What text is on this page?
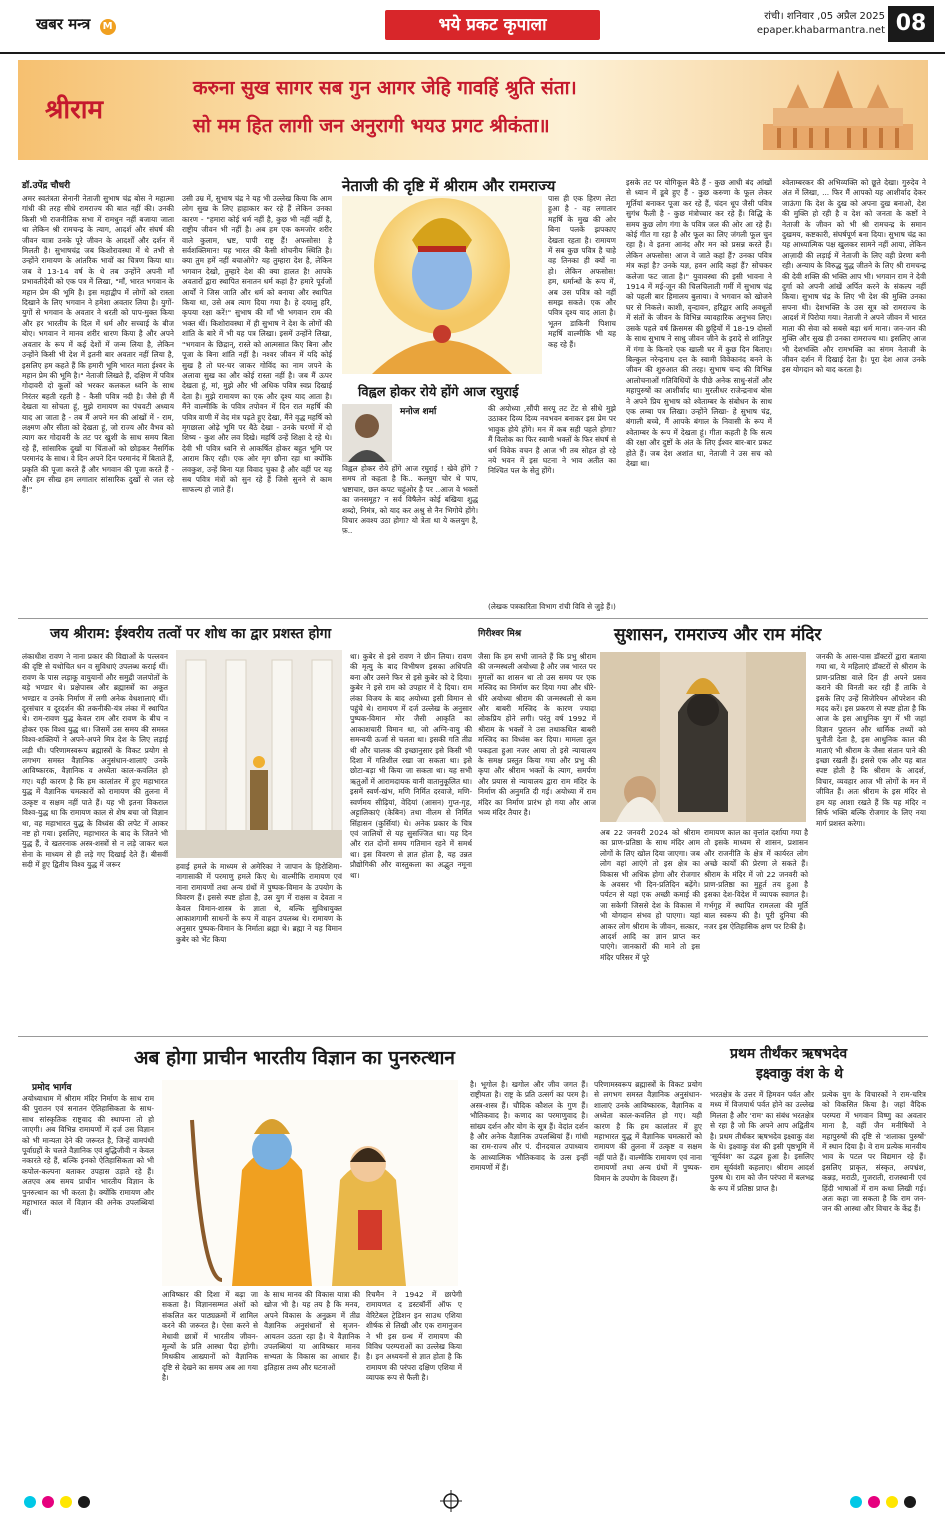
खबर मन्त्र M	भये प्रकट कृपाला	रांची। शनिवार ,05 अप्रैल 2025
epaper.khabarmantra.net 08
श्रीराम
करुना सुख सागर सब गुन आगर जेहि गावहिं श्रुति संता।
सो मम हित लागी जन अनुरागी भयउ प्रगट श्रीकंता॥
डॉ.उपेंद्र चौधरी	नेताजी की दृष्टि में श्रीराम और रामराज्य
अमर स्वतंत्रता सेनानी नेताजी सुभाष चंद्र बोस ने महात्मा गांधी की तरह सीधे रामराज्य की बात नहीं की। उनकी किसी भी राजनीतिक सभा में रामधुन नहीं बजाया जाता था लेकिन श्री रामचन्द्र के त्याग, आदर्श और संघर्ष की जीवन यात्रा उनके पूरे जीवन के आदर्शों और दर्शन में मिलती है। सुभाषचंद्र जब किशोरावस्था में थे तभी से उन्होंने रामायण के आंतरिक भावों का चित्रण किया था। जब वे 13-14 वर्ष के थे तब उन्होंने अपनी माँ प्रभावतीदेवी को एक पत्र में लिखा, "माँ, भारत भगवान के महान प्रेम की भूमि है। इस महाद्वीप में लोगों को रास्ता दिखाने के लिए भगवान ने हमेशा अवतार लिया है। युगों-युगों से भगवान के अवतार ने धरती को पाप-मुक्त किया और हर भारतीय के दिल में धर्म और सच्चाई के बीज बोए। भगवान ने मानव शरीर धारण किया है और अपने अवतार के रूप में कई देशों में जन्म लिया है, लेकिन उन्होंने किसी भी देश में इतनी बार अवतार नहीं लिया है, इसलिए हम कहते हैं कि हमारी भूमि भारत माता ईश्वर के महान प्रेम की भूमि है।" नेताजी लिखते हैं, दक्षिण में पवित्र गोदावरी दो कूलों को भरकर कलकल ध्वनि के साथ निरंतर बहती रहती है - कैसी पवित्र नदी है। जैसे ही मैं देखता या सोचता हूं, मुझे रामायण का पंचवटी अध्याय याद आ जाता है - तब मैं अपने मन की आंखों में - राम, लक्ष्मण और सीता को देखता हूं, जो राज्य और वैभव को त्याग कर गोदावरी के तट पर खुशी के साथ समय बिता रहे हैं, सांसारिक दुखों या चिंताओं को छोड़कर नैसर्गिक परमानंद के साथ। वे दिन अपने दिन परमानंद में बिताते हैं, प्रकृति की पूजा करते हैं और भगवान की पूजा करते हैं - और हम सीख हम लगातार सांसारिक दुखों से जल रहे हैं!"
उसी उम्र में, सुभाष चंद्र ने यह भी उल्लेख किया कि आम लोग सुख के लिए हाहाकार कर रहे हैं लेकिन उनका कारण - "हमारा कोई धर्म नहीं है, कुछ भी नहीं नहीं है, राष्ट्रीय जीवन भी नहीं है। अब हम एक कमजोर शरीर वाले कुलाम, भ्रष्ट, पापी राष्ट्र हैं! अफसोस! हे सर्वशक्तिमान! यह भारत की कैसी शोचनीय स्थिति है। क्या तुम हमें नहीं बचाओगे? यह तुम्हारा देश है, लेकिन भगवान देखो, तुम्हारे देश की क्या हालत है! आपके अवतारों द्वारा स्थापित सनातन धर्म कहां है? हमारे पूर्वजों आर्यों ने जिस जाति और धर्म को बनाया और स्थापित किया था, उसे अब त्याग दिया गया है। हे दयालु हरि, कृपया रक्षा करें!" सुभाष की माँ भी भगवान राम की भक्त थीं। किशोरावस्था में ही सुभाष ने देश के लोगों की शांति के बारे में भी यह पत्र लिखा। इसमें उन्होंने लिखा, "भगवान के छिद्रान्, रास्ते को आत्मसात किए बिना और पूजा के बिना शांति नहीं है। नश्वर जीवन में यदि कोई सुख है तो घर-घर जाकर गोविंद का नाम जपने के अलावा सुख का और कोई रास्ता नहीं है। जब मैं ऊपर देखता हूं, मां, मुझे और भी अधिक पवित्र स्वप्न दिखाई देता है। मुझे रामायण का एक और दृश्य याद आता है। मैंने वाल्मीकि के पवित्र तपोवन में दिन रात महर्षि की पवित्र वाणी में वेद मंत्र पढ़ते हुए देखा, मैंने वृद्ध महर्षि को मृगछाला ओढ़े भूमि पर बैठे देखा - उनके चरणों में दो शिष्य - कुश और लव दिखे। महर्षि उन्हें शिक्षा दे रहे थे। देवी भी पवित्र ध्वनि से आकर्षित होकर बहुत भूमि पर आराम किए रही। एक ओर मृग छौना रहा था क्योंकि लवकुश, उन्हें बिना यज्ञ विवाद चुका है और वहीं पर यह सब पवित्र मंत्रों को सुन रहे हैं जिसे सुनने से काम साफल्य हो जाते हैं।
पास ही एक हिरण लेटा हुआ है - वह लगातार महर्षि के मुख की ओर बिना पलकें झपकाए देखता रहता है। रामायण में सब कुछ पवित्र है चाहे वह तिनका ही क्यों ना हो। लेकिन अफसोस! हम, धर्मान्धों के रूप में, अब उस पवित्र को नहीं समझ सकते। एक और पवित्र दृश्य याद आता है। भूतन डाकिनी पिशाच महर्षि वाल्मीकि भी यह कह रहे हैं।
इसके तट पर योगिकूल बैठे हैं - कुछ आधी बंद आंखों से ध्यान में डूबे हुए हैं - कुछ करुणा के फूल लेकर मूर्तियां बनाकर पूजा कर रहे हैं, चंदन धूप जैसी पवित्र सुगंध फैली है - कुछ मंत्रोच्चार कर रहे हैं। विद्धि के समय कुछ लोग गंगा के पवित्र जल की ओर आ रहे हैं। कोई गीत गा रहा है और फूल का लिए जंगली फूल चुन रहा है। वे इतना आनंद और मन को प्रसन्न करते हैं। लेकिन अफसोस! आज वे जाते कहां हैं? उनका पवित्र मंत्र कहां है? उनके यज्ञ, हवन आदि कहां हैं? सोचकर कलेजा फट जाता है।" युवावस्था की इसी भावना ने 1914 में मई-जून की चिलचिलाती गर्मी में सुभाष चंद्र को पहली बार हिमालय बुलाया। वे भगवान को खोजने घर से निकले। काशी, वृन्दावन, हरिद्वार आदि अवधूतों में संतों के जीवन के विभिन्न व्यावहारिक अनुभव लिए। उसके पहले वर्ष क्रिसमस की छुट्टियों में 18-19 दोस्तों के साथ सुभाष ने साधु जीवन जीने के इरादे से शांतिपुर में गंगा के किनारे एक खाली घर में कुछ दिन बिताए। बिल्कुल नरेन्द्रनाथ दत्त के स्वामी विवेकानंद बनने के जीवन की शुरुआत की तरह। सुभाष चन्द की विभिन्न आलोचनाओं गतिविधियों के पीछे अनेक साधु-संतों और महापुरुषों का आशीर्वाद था। मुरलीधर राजेन्द्रनाथ बोस ने अपने प्रिय सुभाष को श्वेताम्बर के संबोधन के साथ एक लम्बा पत्र लिखा। उन्होंने लिखा- हे सुभाष चंद्र, बंगाली बच्चे, मैं आपके बंगाल के निवासी के रूप में श्वेताम्बर के रूप में देखता हूं। गीता कहती है कि सत्य की रक्षा और दुष्टों के अंत के लिए ईश्वर बार-बार प्रकट होते हैं। जब देश अशांत था, नेताजी ने उस सच को देखा था।
श्वेताम्बरकर की अभिव्यक्ति को छूते देखा। गुरुदेव ने अंत में लिखा, ... फिर मैं आपको यह आशीर्वाद देकर जाऊंगा कि देश के दुख को अपना दुख बनाओ, देश की मुक्ति हो रही है व देश को जनता के कष्टों ने नेताजी के जीवन को भी श्री रामचन्द्र के समान दुखमय, कष्टकारी, संघर्षपूर्ण बना दिया। सुभाष चंद्र का यह आध्यात्मिक पक्ष खुलकर सामने नहीं आया, लेकिन आज़ादी की लड़ाई में नेताजी के लिए वही प्रेरणा बनी रही। अन्याय के विरुद्ध युद्ध जीतने के लिए श्री रामचन्द्र की देवी शक्ति की भक्ति आप भी। भगवान राम ने देवी दुर्गा को अपनी आंखें अर्पित करने के संकल्प नहीं किया। सुभाष चंद्र के लिए भी देश की मुक्ति उनका सपना थी। देशभक्ति के उस सूत्र को रामराज्य के आदर्श में पिरोया गया। नेताजी ने अपने जीवन में भारत माता की सेवा को सबसे बड़ा धर्म माना। जन-जन की मुक्ति और सुख ही उनका रामराज्य था। इसलिए आज भी देशभक्ति और रामभक्ति का संगम नेताजी के जीवन दर्शन में दिखाई देता है। पूरा देश आज उनके इस योगदान को याद करता है।
विह्वल होकर रोये होंगे आज रघुराई
मनोज शर्मा
विह्वल होकर रोये होंगे आज रघुराई ! खेवे होंगे ? समय तो कहता है कि.. कलयुग चोर थे पाप, भ्रष्टाचार, छल कपट चहुंओर है पर ..आज वे भक्तों का जनसमूह? न सर्व विषैलेन कोई बखिया शुद्ध शब्दो, निमंत्र, को याद कर अश्रु से नैन भिगोये होंगे। विचार अवश्य उठा होगा? यो त्रेता था ये कलयुग है, फ़..
की अयोध्या ,सौंपी सरयू तट टेंट से सीधे मुझे उठाकर दिव्य दिव्य नवभवन बनाकर इस प्रेम पर भावुक होये होंगे। मन में कब सही पहले होगा? मैं विलोक का फिर स्वामी भक्तों के फिर संघर्ष से धर्म विवेक वचन है आज भी तब सोहत हो रहे नये भवन में इस घटना ने भाव अतीत का निश्चित पल के सेतु होंगे।
(लेखक पत्रकारिता विभाग रांची विवि से जुड़े हैं।)
जय श्रीराम: ईश्वरीय तत्वों पर शोध का द्वार प्रशस्त होगा
लंकाधीश रावण ने नाना प्रकार की विद्याओं के पल्लवन की दृष्टि से यथोचित धन व सुविधाएं उपलब्ध कराई थीं। रावण के पास लड़ाकू वायुयानों और समुद्री जलपोतों के बड़े भण्डार थे। प्रक्षेपास्त्र और ब्रह्मास्त्रों का अकूत भण्डार व उनके निर्माण में लगी अनेक वेधशालाएं थीं। दूरसंचार व दूरदर्शन की तकनीकी-यंत्र लंका में स्थापित थे। राम-रावण युद्ध केवल राम और रावण के बीच न होकर एक विश्व युद्ध था। जिसमें उस समय की समस्त विश्व-शक्तियों ने अपने-अपने मित्र देश के लिए लड़ाई लड़ी थी। परिणामस्वरूप ब्रह्मास्त्रों के विकट प्रयोग से लगभग समस्त वैज्ञानिक अनुसंधान-शालाएं उनके आविष्कारक, वैज्ञानिक व अध्येता काल-कवलित हो गए। यही कारण है कि हम कालांतर में हुए महाभारत युद्ध में वैज्ञानिक चमत्कारों को रामायण की तुलना में उत्कृष्ट व सक्षम नहीं पाते हैं। यह भी इतना विकराल विश्व-युद्ध था कि रामायण काल से शेष बचा जो विज्ञान था, वह महाभारत युद्ध के विध्वंस की लपेट में आकर नष्ट हो गया। इसलिए, महाभारत के बाद के जितने भी युद्ध हैं, वे खतरनाक अस्त्र-शस्त्रों से न लड़े जाकर थल सेना के माध्यम से ही लड़े गए दिखाई देते हैं। बीसवीं सदी में हुए द्वितीय विश्व युद्ध में जरूर	हवाई हमले के माध्यम से अमेरिका ने जापान के हिरोशिमा-नागासाकी में परमाणु हमले किए थे। वाल्मीकि रामायण एवं नाना रामायणों तथा अन्य ग्रंथों में पुष्पक-विमान के उपयोग के विवरण हैं। इससे स्पष्ट होता है, उस युग में राक्षस व देवता न केवल विमान-शास्त्र के ज्ञाता थे, बल्कि सुविधायुक्त आकाशगामी साधनों के रूप में वाहन उपलब्ध थे। रामायण के अनुसार पुष्पक-विमान के निर्माता ब्रह्मा थे। ब्रह्मा ने यह विमान कुबेर को भेंट किया
था। कुबेर से इसे रावण ने छीन लिया। रावण की मृत्यु के बाद विभीषण इसका अधिपति बना और उसने फिर से इसे कुबेर को दे दिया। कुबेर ने इसे राम को उपहार में दे दिया। राम लंका विजय के बाद अयोध्या इसी विमान से पहुंचे थे। रामायण में दर्ज उल्लेख के अनुसार पुष्पक-विमान मोर जैसी आकृति का आकाशचारी विमान था, जो अग्नि-वायु की समन्वयी ऊर्जा से चलता था। इसकी गति तीव्र थी और चालक की इच्छानुसार इसे किसी भी दिशा में गतिशील रखा जा सकता था। इसे छोटा-बड़ा भी किया जा सकता था। यह सभी ऋतुओं में आरामदायक यानी वातानुकूलित था। इसमें स्वर्ण-खंभ, मणि निर्मित दरवाजे, मणि-स्वर्णमय सीढ़ियां, वेदियां (आसन) गुप्त-गृह, अट्टालिकाएं (केबिन) तथा नीलम से निर्मित सिंहासन (कुर्सियां) थे। अनेक प्रकार के चित्र एवं जालियों से यह सुसज्जित था। यह दिन और रात दोनों समय गतिमान रहने में समर्थ था। इस विवरण से ज्ञात होता है, यह उन्नत प्रौद्योगिकी और वास्तुकला का अद्भुत नमूना था।
गिरीश्वर मिश्र	सुशासन, रामराज्य और राम मंदिर
जैसा कि हम सभी जानते हैं कि प्रभु श्रीराम की जन्मस्थली अयोध्या है और जब भारत पर मुगलों का शासन था तो उस समय पर एक मस्जिद का निर्माण कर दिया गया और धीरे-धीरे अयोध्या श्रीराम की जन्मस्थली से कम और बाबरी मस्जिद के कारण ज्यादा लोकप्रिय होने लगी। परंतु वर्ष 1992 में श्रीराम के भक्तों ने उस तथाकथित बाबरी मस्जिद का विध्वंस कर दिया। मामला तूल पकड़ता हुआ नजर आया तो इसे न्यायालय के समक्ष प्रस्तुत किया गया और प्रभु की कृपा और श्रीराम भक्तों के त्याग, समर्पण और प्रयास से न्यायालय द्वारा राम मंदिर के निर्माण की अनुमति दी गई। अयोध्या में राम मंदिर का निर्माण प्रारंभ हो गया और आज भव्य मंदिर तैयार है।
अब 22 जनवरी 2024 को श्रीराम का प्राण-प्रतिष्ठा के साथ मंदिर आम लोगों के लिए खोल दिया जाएगा। जब लोग वहां आएंगे तो इस क्षेत्र का विकास भी अधिक होगा और रोजगार के अवसर भी दिन-प्रतिदिन बढ़ेंगे। पर्यटन से यहां एक अच्छी कमाई की जा सकेगी जिससे देश के विकास में भी योगदान संभव हो पाएगा। यहां आकर लोग श्रीराम के जीवन, सत्कार, आदर्श आदि का ज्ञान प्राप्त कर पाएंगे। जानकारों की माने तो इस मंदिर परिसर में पूरे
रामायण काल का वृत्तांत दर्शाया गया है तो इसके माध्यम से शासन, प्रशासन और राजनीति के क्षेत्र में कार्यरत लोग अच्छे कार्यों की प्रेरणा ले सकते हैं। श्रीराम के मंदिर में जो 22 जनवरी को प्राण-प्रतिष्ठा का मुहूर्त तय हुआ है इसका देश-विदेश में व्यापक स्वागत है। गर्भगृह में स्थापित रामलला की मूर्ति बाल स्वरूप की है। पूरी दुनिया की नजर इस ऐतिहासिक क्षण पर टिकी है।
जनकी के आस-पास डॉक्टरों द्वारा बताया गया था, ये महिलाएं डॉक्टरों से श्रीराम के प्राण-प्रतिष्ठा वाले दिन ही अपने प्रसव कराने की विनती कर रही हैं ताकि वे इसके लिए उन्हें सिजेरियन ऑपरेशन की मदद करें। इस प्रकरण से स्पष्ट होता है कि आज के इस आधुनिक युग में भी जहां विज्ञान पुरातन और धार्मिक तथ्यों को चुनौती देता है, इस आधुनिक काल की माताएं भी श्रीराम के जैसा संतान पाने की इच्छा रखती हैं। इससे एक और यह बात स्पष्ट होती है कि श्रीराम के आदर्श, विचार, व्यवहार आज भी लोगों के मन में जीवित हैं। अतः श्रीराम के इस मंदिर से हम यह आशा रखते हैं कि यह मंदिर न सिर्फ भक्ति बल्कि रोजगार के लिए नया मार्ग प्रशस्त करेगा।
अब होगा प्राचीन भारतीय विज्ञान का पुनरुत्थान
प्रमोद भार्गव
अयोध्याधाम में श्रीराम मंदिर निर्माण के साथ राम की पुरातन एवं सनातन ऐतिहासिकता के साथ-साथ सांस्कृतिक राष्ट्रवाद की स्थापना तो हो जाएगी। अब विभिन्न रामायणों में दर्ज उस विज्ञान को भी मान्यता देने की जरूरत है, जिन्हें वामपंथी पूर्वाग्रहों के चलते वैज्ञानिक एवं बुद्धिजीवी न केवल नकारते रहे हैं, बल्कि इनको ऐतिहासिकता को भी कपोल-कल्पना बताकर उपहास उड़ाते रहे हैं। अतएव अब समय प्राचीन भारतीय विज्ञान के पुनरुत्थान का भी करता है। क्योंकि रामायण और महाभारत काल में विज्ञान की अनेक उपलब्धियां थीं।
आविष्कार की दिशा में बढ़ा जा सकता है। विज्ञानसम्मत अंशों को संकलित कर पाठ्यक्रमों में शामिल करने की जरूरत है। ऐसा करने से मेधावी छात्रों में भारतीय जीवन-मूल्यों के प्रति आस्था पैदा होगी। मिथकीय आख्यानों को वैज्ञानिक दृष्टि से देखने का समय अब आ गया है।
के साथ मानव की विकास यात्रा की खोज भी है। यह तय है कि मनव, अपने विकास के अनुक्रम में तीव्र वैज्ञानिक अनुसंधानों से सृजन-आयतन उठता रहा है। ये वैज्ञानिक उपलब्धियां या आविष्कार मानव सभ्यता के विकास का आधार हैं। इतिहास तथ्य और घटनाओं
रिचमैन ने 1942 में छापेगी रामायणत द डस्टबॉर्नी ऑफ ए वेरिटेबल ट्रेडिशन इन साउथ एशिया शीर्षक से लिखी और एक रामानुजन ने भी इस ग्रन्थ में रामायण की विविध परम्पराओं का उल्लेख किया है। इन अध्ययनों से ज्ञात होता है कि रामायण की परंपरा दक्षिण एशिया में व्यापक रूप से फैली है।
है। भूगोल है। खगोल और जीव जगत हैं। राष्ट्रीयता है। राष्ट्र के प्रति उत्सर्ग का परम है। अस्त्र-शस्त्र हैं। चौदिक कौशल के गुण हैं। भौतिकवाद है। कणाद का परमाणुवाद है। सांख्य दर्शन और योग के सूत्र हैं। वेदांत दर्शन है और अनेक वैज्ञानिक उपलब्धियां हैं। गांधी का राम-राज्य और पं. दीनदयाल उपाध्याय के आध्यात्मिक भौतिकवाद के उत्स इन्हीं रामायणों में हैं।
परिणामस्वरूप ब्रह्मास्त्रों के विकट प्रयोग से लगभग समस्त वैज्ञानिक अनुसंधान-शालाएं उनके आविष्कारक, वैज्ञानिक व अध्येता काल-कवलित हो गए। यही कारण है कि हम कालांतर में हुए महाभारत युद्ध में वैज्ञानिक चमत्कारों को रामायण की तुलना में उत्कृष्ट व सक्षम नहीं पाते हैं। वाल्मीकि रामायण एवं नाना रामायणों तथा अन्य ग्रंथों में पुष्पक-विमान के उपयोग के विवरण हैं।
प्रथम तीर्थंकर ऋषभदेव
इक्ष्वाकु वंश के थे
भरतक्षेत्र के उत्तर में हिमवन पर्वत और मध्य में विजयार्थ पर्वत होने का उल्लेख मिलता है और 'राम' का संबंध भरतक्षेत्र से रहा है जो कि अपने आप अद्वितीय है। प्रथम तीर्थंकर ऋषभदेव इक्ष्वाकु वंश के थे। इक्ष्वाकु वंश की इसी पृष्ठभूमि में 'सूर्यवंश' का उद्भव हुआ है। इसलिए राम सूर्यवंशी कहलाए। श्रीराम आदर्श पुरुष थे। राम को जैन परंपरा में बलभद्र के रूप में प्रतिष्ठा प्राप्त है।
प्रत्येक युग के विचारकों ने राम-चरित्र को विकसित किया है। जहां वैदिक परम्परा में भगवान विष्णु का अवतार माना है, वहीं जैन मनीषियों ने महापुरुषों की दृष्टि से 'शलाका पुरुषों' में स्थान दिया है। वे राम प्रत्येक मानवीय भाव के पटल पर विद्यमान रहे हैं। इसलिए प्राकृत, संस्कृत, अपभ्रंश, कन्नड़, मराठी, गुजराती, राजस्थानी एवं हिंदी भाषाओं में राम कथा लिखी गई। अतः कहा जा सकता है कि राम जन-जन की आस्था और विचार के केंद्र हैं।
